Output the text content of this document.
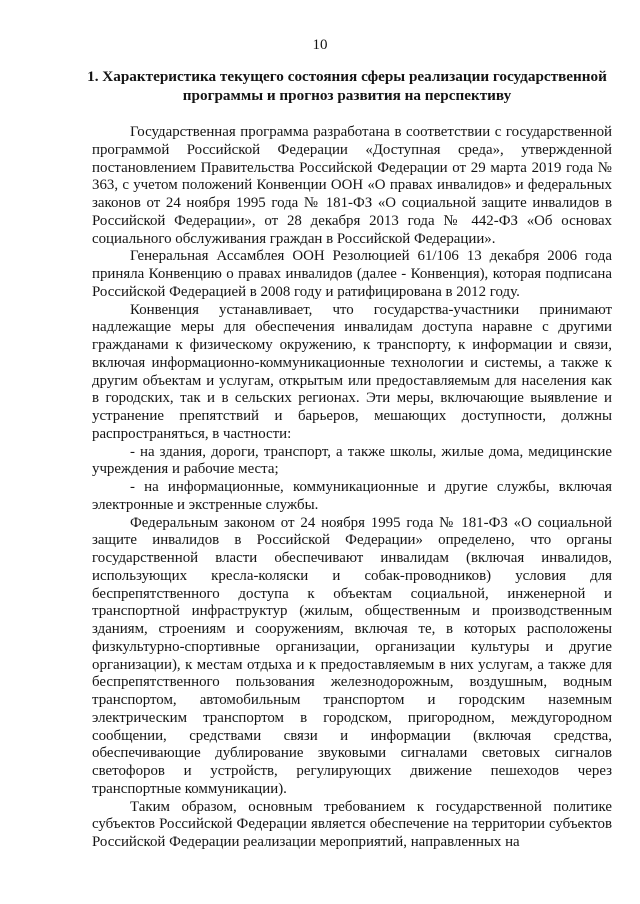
10
1. Характеристика текущего состояния сферы реализации государственной программы и прогноз развития на перспективу

Государственная программа разработана в соответствии с государственной программой Российской Федерации «Доступная среда», утвержденной постановлением Правительства Российской Федерации от 29 марта 2019 года № 363, с учетом положений Конвенции ООН «О правах инвалидов» и федеральных законов от 24 ноября 1995 года № 181-ФЗ «О социальной защите инвалидов в Российской Федерации», от 28 декабря 2013 года № 442-ФЗ «Об основах социального обслуживания граждан в Российской Федерации».

Генеральная Ассамблея ООН Резолюцией 61/106 13 декабря 2006 года приняла Конвенцию о правах инвалидов (далее - Конвенция), которая подписана Российской Федерацией в 2008 году и ратифицирована в 2012 году.

Конвенция устанавливает, что государства-участники принимают надлежащие меры для обеспечения инвалидам доступа наравне с другими гражданами к физическому окружению, к транспорту, к информации и связи, включая информационно-коммуникационные технологии и системы, а также к другим объектам и услугам, открытым или предоставляемым для населения как в городских, так и в сельских регионах. Эти меры, включающие выявление и устранение препятствий и барьеров, мешающих доступности, должны распространяться, в частности:

- на здания, дороги, транспорт, а также школы, жилые дома, медицинские учреждения и рабочие места;

- на информационные, коммуникационные и другие службы, включая электронные и экстренные службы.

Федеральным законом от 24 ноября 1995 года № 181-ФЗ «О социальной защите инвалидов в Российской Федерации» определено, что органы государственной власти обеспечивают инвалидам (включая инвалидов, использующих кресла-коляски и собак-проводников) условия для беспрепятственного доступа к объектам социальной, инженерной и транспортной инфраструктур (жилым, общественным и производственным зданиям, строениям и сооружениям, включая те, в которых расположены физкультурно-спортивные организации, организации культуры и другие организации), к местам отдыха и к предоставляемым в них услугам, а также для беспрепятственного пользования железнодорожным, воздушным, водным транспортом, автомобильным транспортом и городским наземным электрическим транспортом в городском, пригородном, междугородном сообщении, средствами связи и информации (включая средства, обеспечивающие дублирование звуковыми сигналами световых сигналов светофоров и устройств, регулирующих движение пешеходов через транспортные коммуникации).

Таким образом, основным требованием к государственной политике субъектов Российской Федерации является обеспечение на территории субъектов Российской Федерации реализации мероприятий, направленных на
